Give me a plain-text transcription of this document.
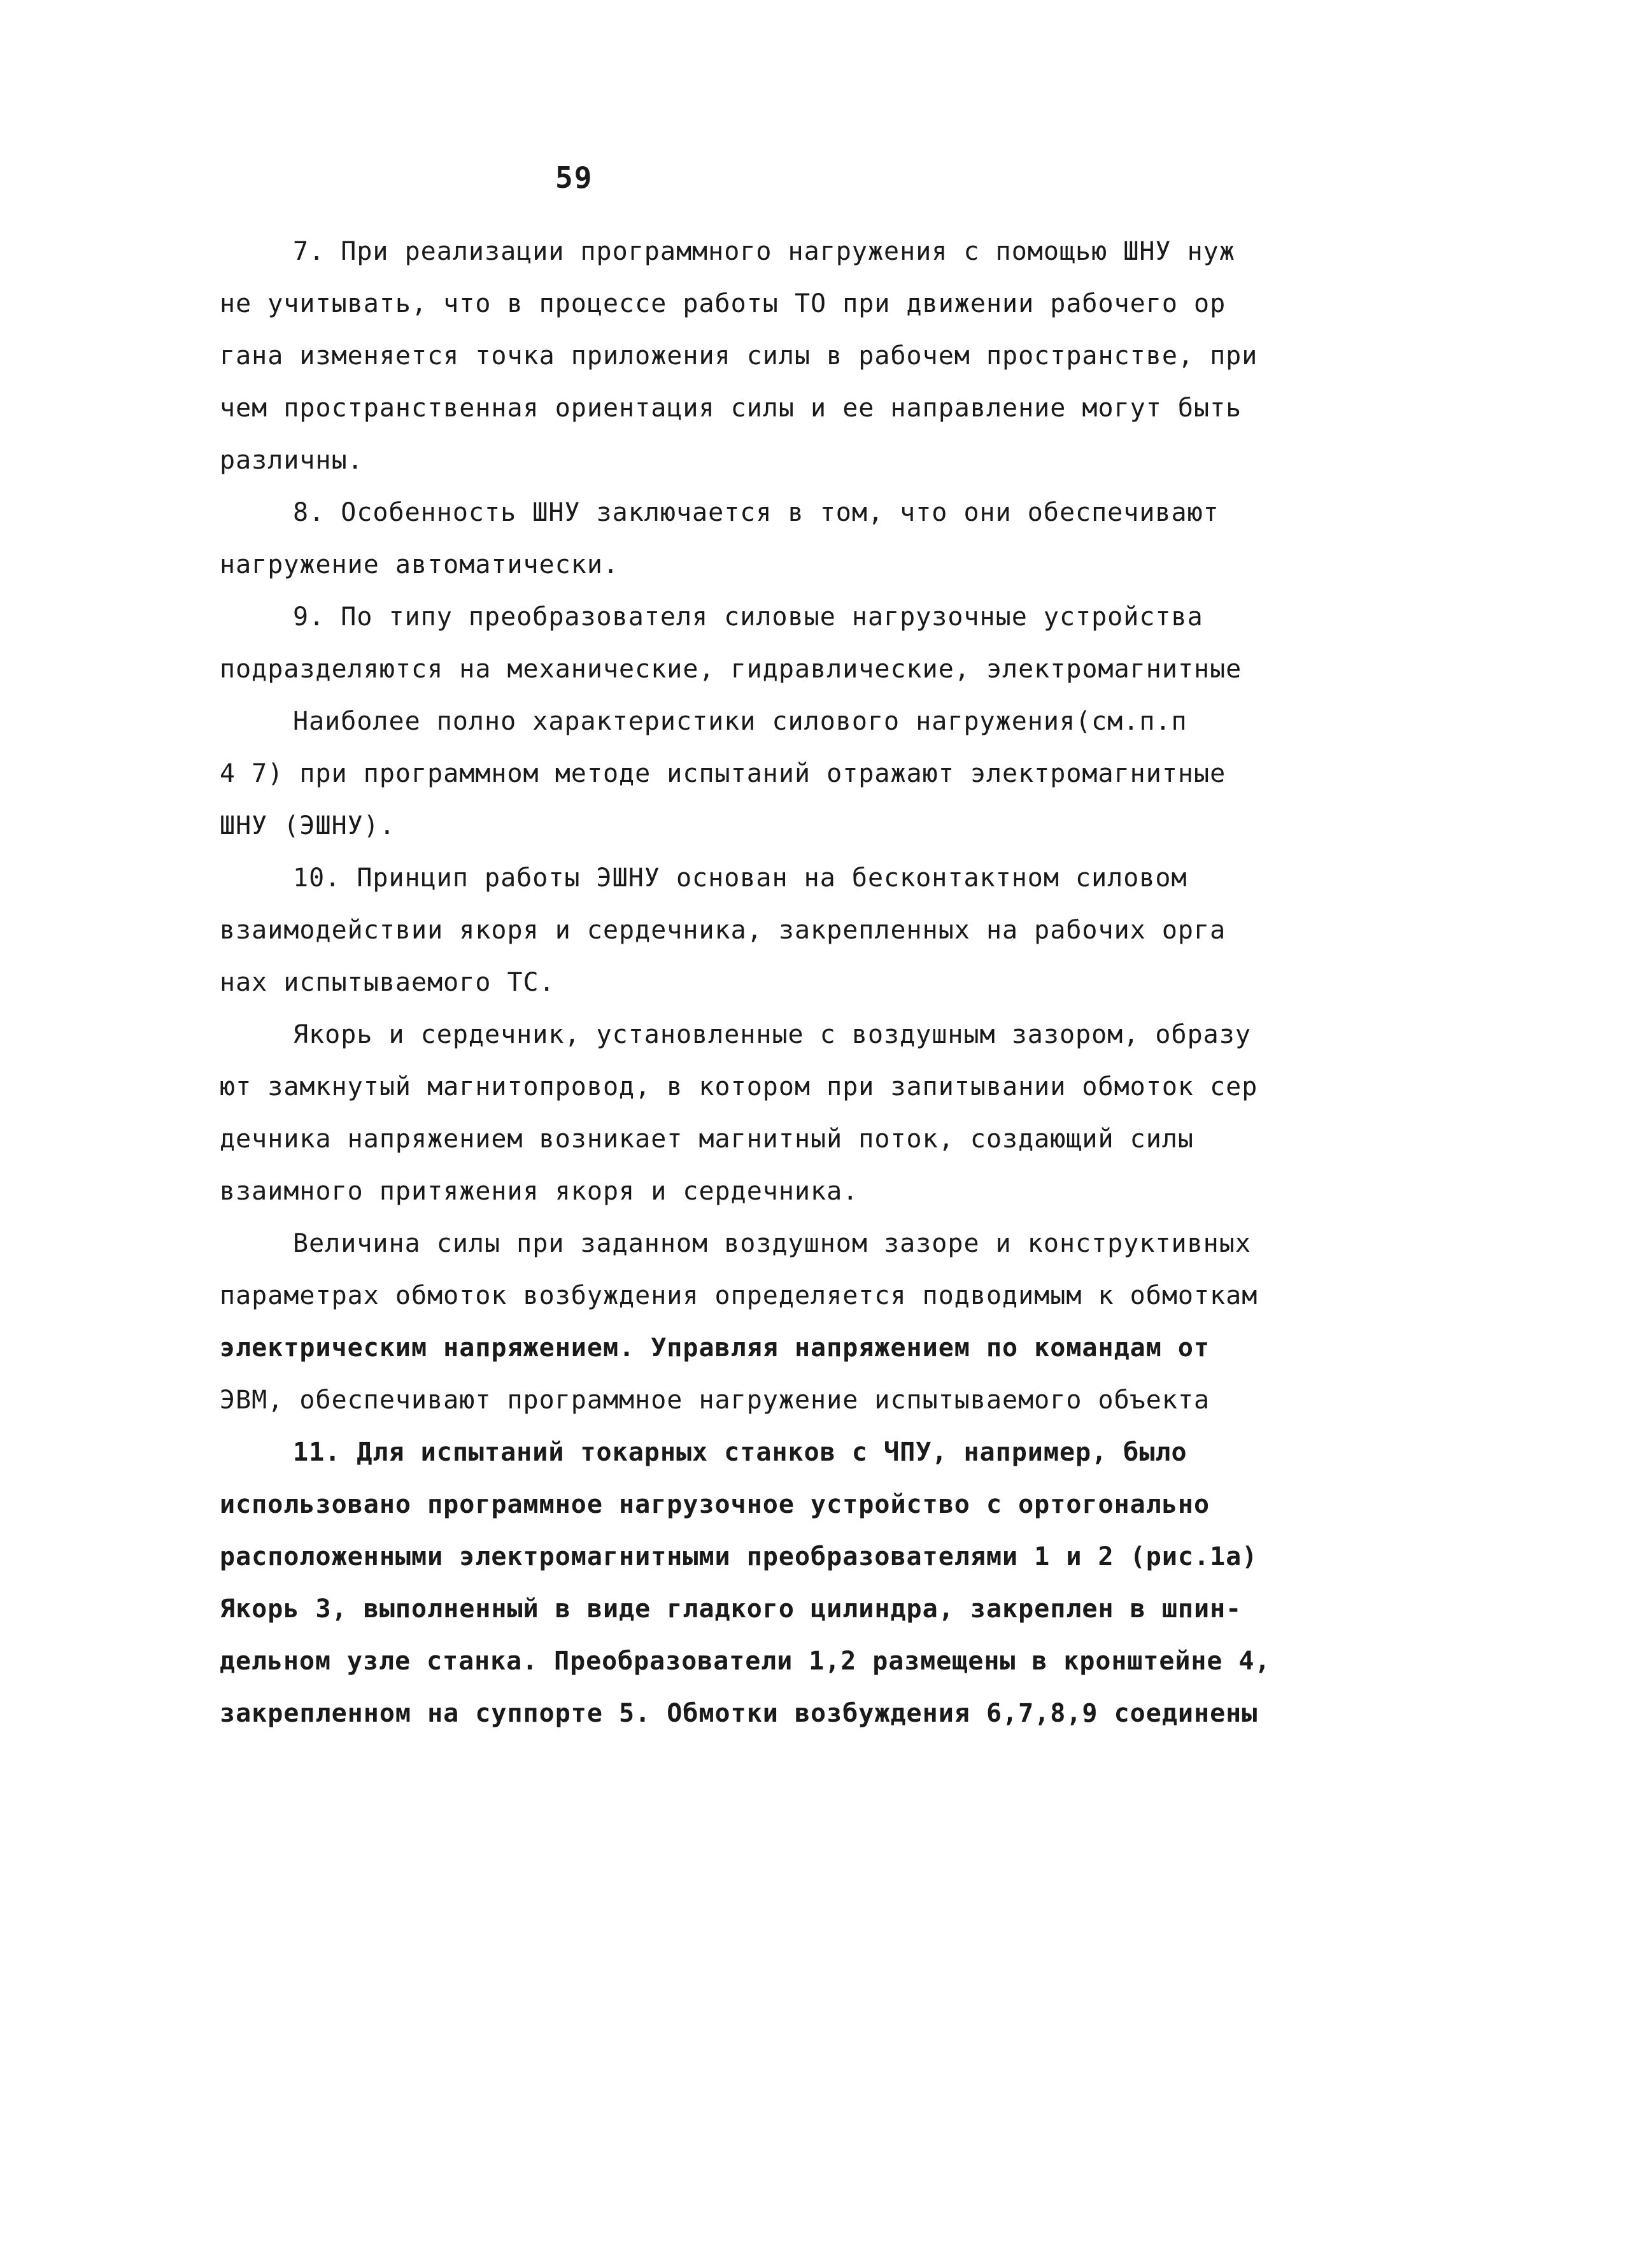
59
7. При реализации программного нагружения с помощью ШНУ нуж
не учитывать, что в процессе работы ТО при движении рабочего ор
гана изменяется точка приложения силы в рабочем пространстве, при
чем пространственная ориентация силы и ее направление могут быть
различны.
8. Особенность ШНУ заключается в том, что они обеспечивают
нагружение автоматически.
9. По типу преобразователя силовые нагрузочные устройства
подразделяются на механические, гидравлические, электромагнитные
Наиболее полно характеристики силового нагружения(см.п.п
4 7) при программном методе испытаний отражают электромагнитные
ШНУ (ЭШНУ).
10. Принцип работы ЭШНУ основан на бесконтактном силовом
взаимодействии якоря и сердечника, закрепленных на рабочих орга
нах испытываемого ТС.
Якорь и сердечник, установленные с воздушным зазором, образу
ют замкнутый магнитопровод, в котором при запитывании обмоток сер
дечника напряжением возникает магнитный поток, создающий силы
взаимного притяжения якоря и сердечника.
Величина силы при заданном воздушном зазоре и конструктивных
параметрах обмоток возбуждения определяется подводимым к обмоткам
электрическим напряжением. Управляя напряжением по командам от
ЭВМ, обеспечивают программное нагружение испытываемого объекта
11. Для испытаний токарных станков с ЧПУ, например, было
использовано программное нагрузочное устройство с ортогонально
расположенными электромагнитными преобразователями 1 и 2 (рис.1а)
Якорь 3, выполненный в виде гладкого цилиндра, закреплен в шпин-
дельном узле станка. Преобразователи 1,2 размещены в кронштейне 4,
закрепленном на суппорте 5. Обмотки возбуждения 6,7,8,9 соединены
